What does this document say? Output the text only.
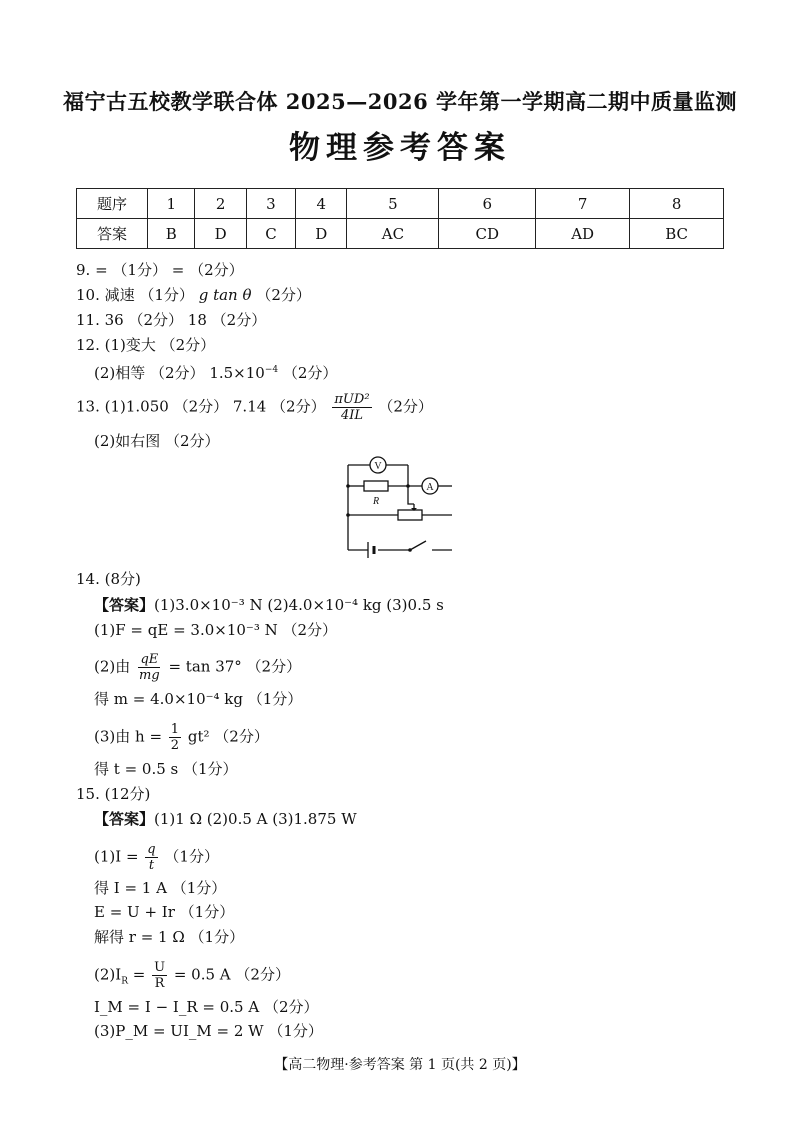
福宁古五校教学联合体 2025—2026 学年第一学期高二期中质量监测
物理参考答案
题序	1	2	3	4	5	6	7	8
答案	B	D	C	D	AC	CD	AD	BC
9. = （1分） = （2分）
10. 减速 （1分） g tan θ （2分）
11. 36 （2分） 18 （2分）
12. (1)变大 （2分）
(2)相等 （2分） $1.5\times 10^{-4}$ （2分）
13. (1)1.050 （2分） 7.14 （2分） $\frac{\text{πUD²}}{4IL} (2$分）
(2)如右图 （2分）
V
A
R
14. (8分)
【答案】(1)3.0×10⁻³ N (2)4.0×10⁻⁴ kg (3)0.5 s
(1)F = qE = 3.0×10⁻³ N （2分）
(2)由 $\frac{qE}{mg} = \tan 37^\circ$ （2分）
得 m = 4.0×10⁻⁴ kg （1分）
(3)由 $h = \frac{1}{2} gt^2$ （2分）
得 t = 0.5 s （1分）
15. (12分)
【答案】(1)1 Ω (2)0.5 A (3)1.875 W
$(1)I = \frac{q}{t} (1$分）
得 I = 1 A （1分）
E = U + Ir （1分）
解得 r = 1 Ω （1分）
$(2)I_R = \frac{U}{R} = 0.5$ A （2分）
I_M = I − I_R = 0.5 A （2分）
(3)P_M = UI_M = 2 W （1分）
【高二物理·参考答案 第 1 页(共 2 页)】
